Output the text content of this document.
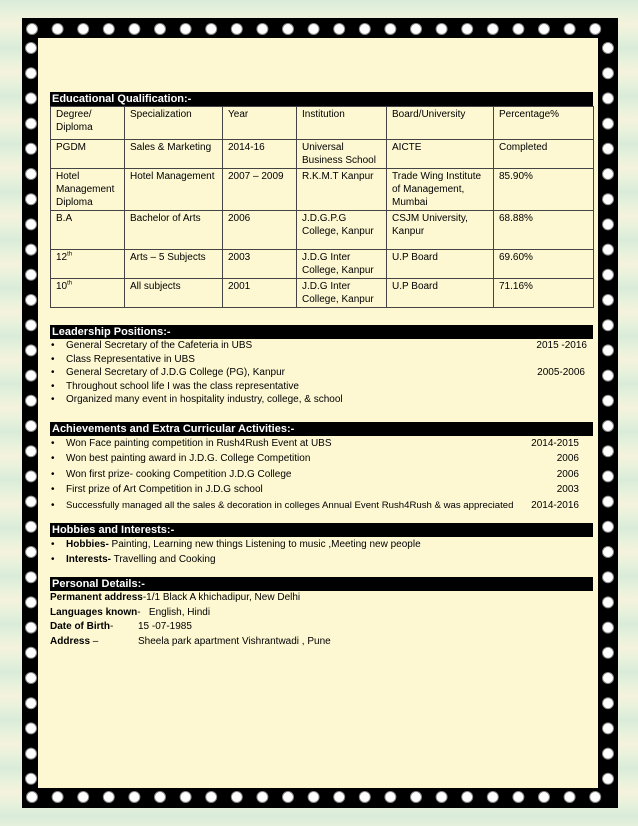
Educational Qualification:-
Degree/ Diploma	Specialization	Year	Institution	Board/University	Percentage%
PGDM	Sales & Marketing	2014-16	Universal Business School	AICTE	Completed
Hotel Management Diploma	Hotel Management	2007 – 2009	R.K.M.T Kanpur	Trade Wing Institute of Management, Mumbai	85.90%
B.A	Bachelor of Arts	2006	J.D.G.P.G College, Kanpur	CSJM University, Kanpur	68.88%
12th	Arts – 5 Subjects	2003	J.D.G Inter College, Kanpur	U.P Board	69.60%
10th	All subjects	2001	J.D.G Inter College, Kanpur	U.P Board	71.16%
Leadership Positions:-
• General Secretary of the Cafeteria in UBS	2015 -2016
• Class Representative in UBS
• General Secretary of J.D.G College (PG), Kanpur	2005-2006
• Throughout school life I was the class representative
• Organized many event in hospitality industry, college, & school
Achievements and Extra Curricular Activities:-
• Won Face painting competition in Rush4Rush Event at UBS	2014-2015
• Won best painting award in J.D.G. College Competition	2006
• Won first prize- cooking Competition J.D.G College	2006
• First prize of Art Competition in J.D.G school	2003
• Successfully managed all the sales & decoration in colleges Annual Event Rush4Rush & was appreciated 2014-2016
Hobbies and Interests:-
• Hobbies- Painting, Learning new things Listening to music ,Meeting new people
• Interests- Travelling and Cooking
Personal Details:-
Permanent address -1/1 Black A khichadipur, New Delhi
Languages known -   English, Hindi
Date of Birth-	15 -07-1985
Address –	Sheela park apartment Vishrantwadi , Pune
